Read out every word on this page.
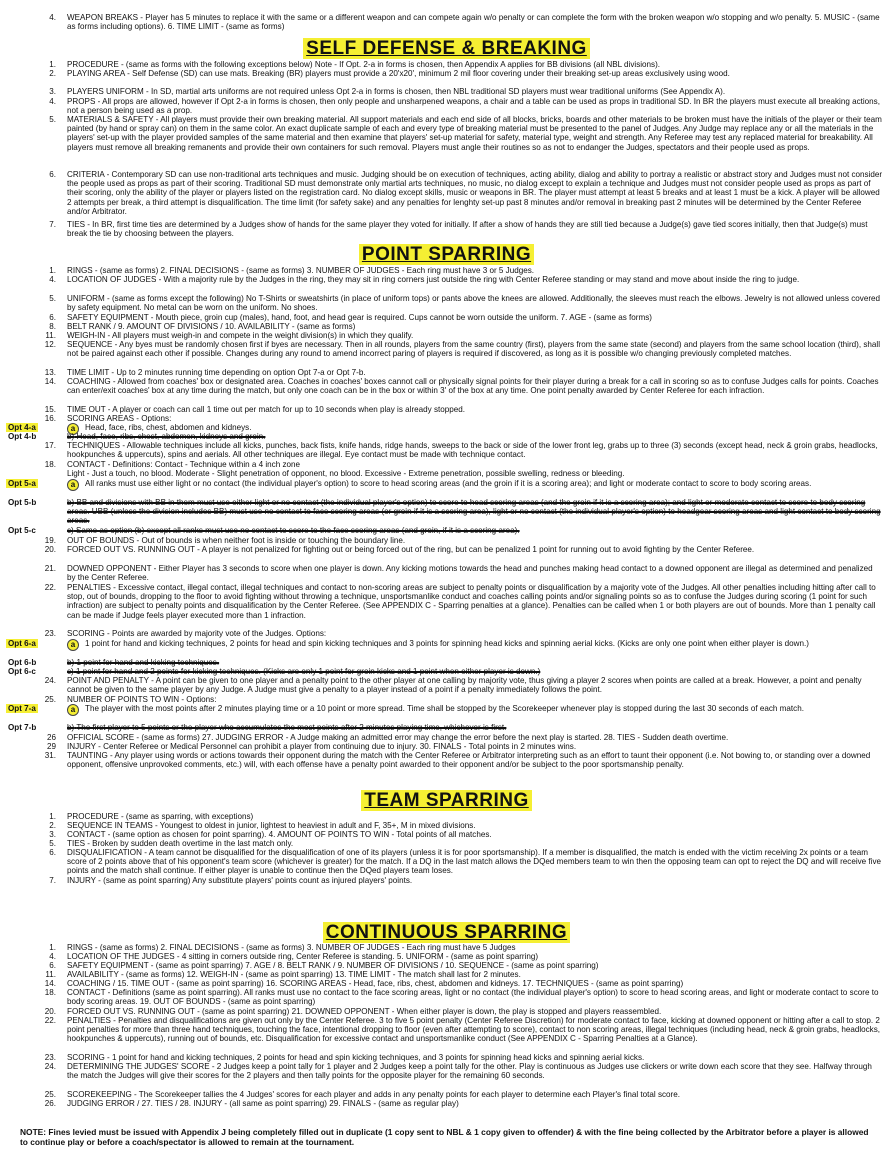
4. WEAPON BREAKS - Player has 5 minutes to replace it with the same or a different weapon and can compete again w/o penalty or can complete the form with the broken weapon w/o stopping and w/o penalty. 5. MUSIC - (same as forms including options). 6. TIME LIMIT - (same as forms)
SELF DEFENSE & BREAKING
1. PROCEDURE - (same as forms with the following exceptions below) Note - If Opt. 2-a in forms is chosen, then Appendix A applies for BB divisions (all NBL divisions).
2. PLAYING AREA - Self Defense (SD) can use mats. Breaking (BR) players must provide a 20'x20', minimum 2 mil floor covering under their breaking set-up areas exclusively using wood.
3. PLAYERS UNIFORM - In SD, martial arts uniforms are not required unless Opt 2-a in forms is chosen, then NBL traditional SD players must wear traditional uniforms (See Appendix A).
4. PROPS - All props are allowed, however if Opt 2-a in forms is chosen, then only people and unsharpened weapons, a chair and a table can be used as props in traditional SD. In BR the players must execute all breaking actions, not a person being used as a prop.
5. MATERIALS & SAFETY - All players must provide their own breaking material. All support materials and each end side of all blocks, bricks, boards and other materials to be broken must have the initials of the player or their team painted (by hand or spray can) on them in the same color. An exact duplicate sample of each and every type of breaking material must be presented to the panel of Judges. Any Judge may replace any or all the materials in the players' set-up with the player provided samples of the same material and then examine that players' set-up material for safety, material type, weight and strength. Any Referee may test any replaced material for breakability. All players must remove all breaking remanents and provide their own containers for such removal. Players must angle their routines so as not to endanger the Judges, spectators and their people used as props.
6. CRITERIA - Contemporary SD can use non-traditional arts techniques and music. Judging should be on execution of techniques, acting ability, dialog and ability to portray a realistic or abstract story and Judges must not consider the people used as props as part of their scoring. Traditional SD must demonstrate only martial arts techniques, no music, no dialog except to explain a technique and Judges must not consider people used as props as part of their scoring, only the ability of the player or players listed on the registration card. No dialog except skills, music or weapons in BR. The player must attempt at least 5 breaks and at least 1 must be a kick. A player will be allowed 2 attempts per break, a third attempt is disqualification. The time limit (for safety sake) and any penalties for lenghty set-up past 8 minutes and/or removal in breaking past 2 minutes will be determined by the Center Referee and/or Arbitrator.
7. TIES - In BR, first time ties are determined by a Judges show of hands for the same player they voted for initially. If after a show of hands they are still tied because a Judge(s) gave tied scores initially, then that Judge(s) must break the tie by choosing between the players.
POINT SPARRING
1. RINGS - (same as forms) 2. FINAL DECISIONS - (same as forms) 3. NUMBER OF JUDGES - Each ring must have 3 or 5 Judges.
4. LOCATION OF JUDGES - With a majority rule by the Judges in the ring, they may sit in ring corners just outside the ring with Center Referee standing or may stand and move about inside the ring to judge.
5. UNIFORM - (same as forms except the following) No T-Shirts or sweatshirts (in place of uniform tops) or pants above the knees are allowed. Additionally, the sleeves must reach the elbows. Jewelry is not allowed unless covered by safety equipment. No metal can be worn on the uniform. No shoes.
6. SAFETY EQUIPMENT - Mouth piece, groin cup (males), hand, foot, and head gear is required. Cups cannot be worn outside the uniform. 7. AGE - (same as forms)
8. BELT RANK / 9. AMOUNT OF DIVISIONS / 10. AVAILABILITY - (same as forms)
11. WEIGH-IN - All players must weigh-in and compete in the weight division(s) in which they qualify.
12. SEQUENCE - Any byes must be randomly chosen first if byes are necessary. Then in all rounds, players from the same country (first), players from the same state (second) and players from the same school location (third), shall not be paired against each other if possible. Changes during any round to amend incorrect paring of players is required if discovered, as long as it is possible w/o changing previously completed matches.
13. TIME LIMIT - Up to 2 minutes running time depending on option Opt 7-a or Opt 7-b.
14. COACHING - Allowed from coaches' box or designated area. Coaches in coaches' boxes cannot call or physically signal points for their player during a break for a call in scoring so as to confuse Judges calls for points. Coaches can enter/exit coaches' box at any time during the match, but only one coach can be in the box or within 3' of the box at any time. One point penalty awarded by Center Referee for each infraction.
15. TIME OUT - A player or coach can call 1 time out per match for up to 10 seconds when play is already stopped.
16. SCORING AREAS - Options:
Opt 4-a	a Head, face, ribs, chest, abdomen and kidneys.
Opt 4-b	b) Head, face, ribs, chest, abdomen, kidneys and groin.
17. TECHNIQUES - Allowable techniques include all kicks, punches, back fists, knife hands, ridge hands, sweeps to the back or side of the lower front leg, grabs up to three (3) seconds (except head, neck & groin grabs, headlocks, hookpunches & uppercuts), spins and aerials. All other techniques are illegal. Eye contact must be made with technique contact.
18. CONTACT - Definitions: Contact - Technique within a 4 inch zone
Light - Just a touch, no blood. Moderate - Slight penetration of opponent, no blood. Excessive - Extreme penetration, possible swelling, redness or bleeding.
Opt 5-a	a All ranks must use either light or no contact (the individual player's option) to score to head scoring areas (and the groin if it is a scoring area); and light or moderate contact to score to body scoring areas.
Opt 5-b	b) BB and divisions with BB in them must use either light or no contact (the individual player's option) to score to head scoring areas (and the groin if it is a scoring area); and light or moderate contact to score to body scoring areas. UBB (unless the division includes BB) must use no contact to face scoring areas (or groin if it is a scoring area), light or no contact (the individual player's option) to headgear scoring areas and light contact to body scoring areas.
Opt 5-c	c) Same as option (b) except all ranks must use no contact to score to the face scoring areas (and groin, if it is a scoring area).
19. OUT OF BOUNDS - Out of bounds is when neither foot is inside or touching the boundary line.
20. FORCED OUT VS. RUNNING OUT - A player is not penalized for fighting out or being forced out of the ring, but can be penalized 1 point for running out to avoid fighting by the Center Referee.
21. DOWNED OPPONENT - Either Player has 3 seconds to score when one player is down. Any kicking motions towards the head and punches making head contact to a downed opponent are illegal as determined and penalized by the Center Referee.
22. PENALTIES - Excessive contact, illegal contact, illegal techniques and contact to non-scoring areas are subject to penalty points or disqualification by a majority vote of the Judges. All other penalties including hitting after call to stop, out of bounds, dropping to the floor to avoid fighting without throwing a technique, unsportsmanlike conduct and coaches calling points and/or signaling points so as to confuse the Judges during scoring (1 point for such infraction) are subject to penalty points and disqualification by the Center Referee. (See APPENDIX C - Sparring penalties at a glance). Penalties can be called when 1 or both players are out of bounds. More than 1 penalty call can be made if Judge feels player executed more than 1 infraction.
23. SCORING - Points are awarded by majority vote of the Judges. Options:
Opt 6-a	a 1 point for hand and kicking techniques, 2 points for head and spin kicking techniques and 3 points for spinning head kicks and spinning aerial kicks. (Kicks are only one point when either player is down.)
Opt 6-b	b) 1 point for hand and kicking techniques.
Opt 6-c	c) 1 point for hand and 2 points for kicking techniques. (Kicks are only 1 point for groin kicks and 1 point when either player is down.)
24. POINT AND PENALTY - A point can be given to one player and a penalty point to the other player at one calling by majority vote, thus giving a player 2 scores when points are called at a break. However, a point and penalty cannot be given to the same player by any Judge. A Judge must give a penalty to a player instead of a point if a penalty immediately follows the point.
25. NUMBER OF POINTS TO WIN - Options:
Opt 7-a	a The player with the most points after 2 minutes playing time or a 10 point or more spread. Time shall be stopped by the Scorekeeper whenever play is stopped during the last 30 seconds of each match.
Opt 7-b	b) The first player to 5 points or the player who accumulates the most points after 2 minutes playing time, whichever is first.
26 OFFICIAL SCORE - (same as forms) 27. JUDGING ERROR - A Judge making an admitted error may change the error before the next play is started. 28. TIES - Sudden death overtime.
29 INJURY - Center Referee or Medical Personnel can prohibit a player from continuing due to injury. 30. FINALS - Total points in 2 minutes wins.
31. TAUNTING - Any player using words or actions towards their opponent during the match with the Center Referee or Arbitrator interpreting such as an effort to taunt their opponent (i.e. Not bowing to, or standing over a downed opponent, offensive unprovoked comments, etc.) will, with each offense have a penalty point awarded to their opponent and/or be subject to the poor sportsmanship penalty.
TEAM SPARRING
1. PROCEDURE - (same as sparring, with exceptions)
2. SEQUENCE IN TEAMS - Youngest to oldest in junior, lightest to heaviest in adult and F, 35+, M in mixed divisions.
3. CONTACT - (same option as chosen for point sparring). 4. AMOUNT OF POINTS TO WIN - Total points of all matches.
5. TIES - Broken by sudden death overtime in the last match only.
6. DISQUALIFICATION - A team cannot be disqualified for the disqualification of one of its players (unless it is for poor sportsmanship). If a member is disqualified, the match is ended with the victim receiving 2x points or a team score of 2 points above that of his opponent's team score (whichever is greater) for the match. If a DQ in the last match allows the DQed members team to win then the opposing team can opt to reject the DQ and will receive five points and the match shall continue. If either player is unable to continue then the DQed players team loses.
7. INJURY - (same as point sparring) Any substitute players' points count as injured players' points.
CONTINUOUS SPARRING
1. RINGS - (same as forms) 2. FINAL DECISIONS - (same as forms) 3. NUMBER OF JUDGES - Each ring must have 5 Judges
4. LOCATION OF THE JUDGES - 4 sitting in corners outside ring, Center Referee is standing. 5. UNIFORM - (same as point sparring)
6. SAFETY EQUIPMENT - (same as point sparring) 7. AGE / 8. BELT RANK / 9. NUMBER OF DIVISIONS / 10. SEQUENCE - (same as point sparring)
11. AVAILABILITY - (same as forms) 12. WEIGH-IN - (same as point sparring) 13. TIME LIMIT - The match shall last for 2 minutes.
14. COACHING / 15. TIME OUT - (same as point sparring) 16. SCORING AREAS - Head, face, ribs, chest, abdomen and kidneys. 17. TECHNIQUES - (same as point sparring)
18. CONTACT - Definitions (same as point sparring). All ranks must use no contact to the face scoring areas, light or no contact (the individual player's option) to score to head scoring areas, and light or moderate contact to score to body scoring areas. 19. OUT OF BOUNDS - (same as point sparring)
20. FORCED OUT VS. RUNNING OUT - (same as point sparring) 21. DOWNED OPPONENT - When either player is down, the play is stopped and players reassembled.
22. PENALTIES - Penalties and disqualifications are given out only by the Center Referee. 3 to five 5 point penalty (Center Referee Discretion) for moderate contact to face, kicking at downed opponent or hitting after a call to stop. 2 point penalties for more than three hand techniques, touching the face, intentional dropping to floor (even after attempting to score), contact to non scoring areas, illegal techniques (including head, neck & groin grabs, headlocks, hookpunches & uppercuts), running out of bounds, etc. Disqualification for excessive contact and unsportsmanlike conduct (See APPENDIX C - Sparring Penalties at a Glance).
23. SCORING - 1 point for hand and kicking techniques, 2 points for head and spin kicking techniques, and 3 points for spinning head kicks and spinning aerial kicks.
24. DETERMINING THE JUDGES' SCORE - 2 Judges keep a point tally for 1 player and 2 Judges keep a point tally for the other. Play is continuous as Judges use clickers or write down each score that they see. Halfway through the match the Judges will give their scores for the 2 players and then tally points for the opposite player for the remaining 60 seconds.
25. SCOREKEEPING - The Scorekeeper tallies the 4 Judges' scores for each player and adds in any penalty points for each player to determine each Player's final total score.
26. JUDGING ERROR / 27. TIES / 28. INJURY - (all same as point sparring) 29. FINALS - (same as regular play)
NOTE: Fines levied must be issued with Appendix J being completely filled out in duplicate (1 copy sent to NBL & 1 copy given to offender) & with the fine being collected by the Arbitrator before a player is allowed to continue play or before a coach/spectator is allowed to remain at the tournament.
